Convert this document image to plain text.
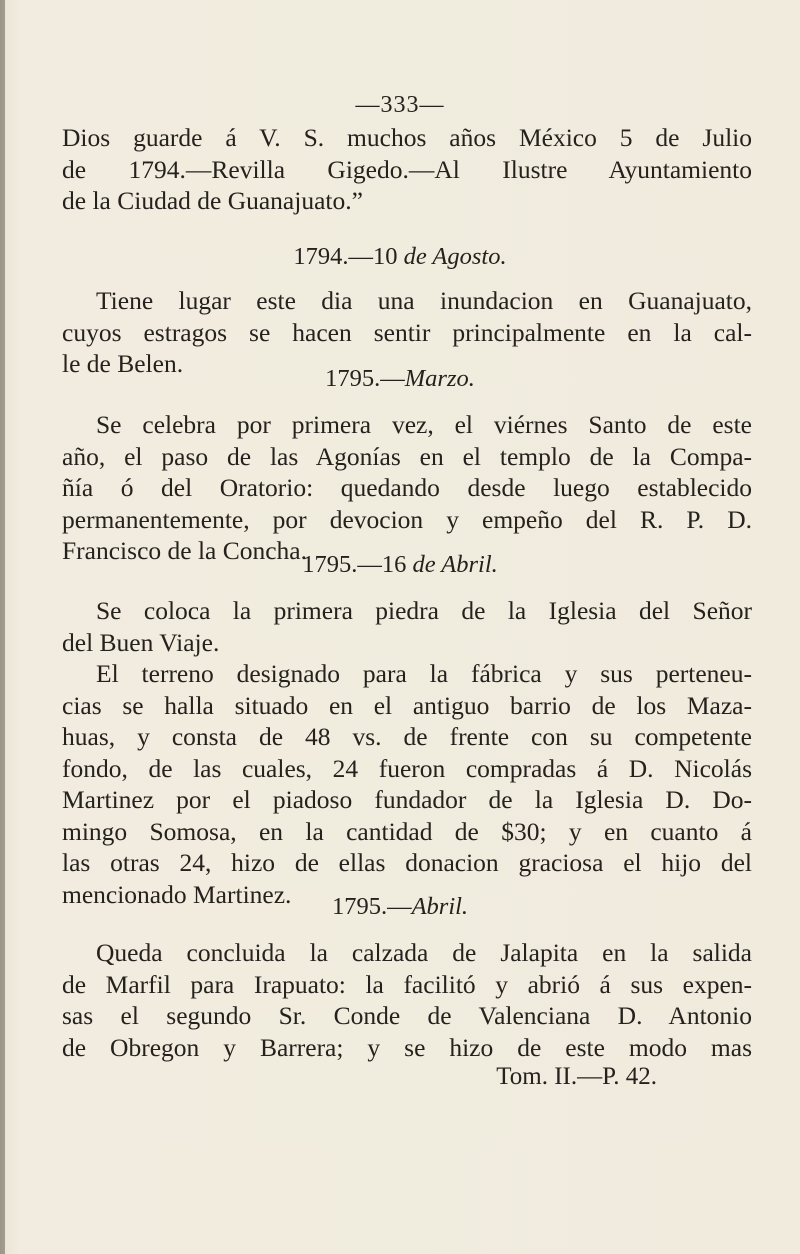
—333—
Dios guarde á V. S. muchos años México 5 de Julio
de 1794.—Revilla Gigedo.—Al Ilustre Ayuntamiento
de la Ciudad de Guanajuato.”
1794.—10 de Agosto.
Tiene lugar este dia una inundacion en Guanajuato,
cuyos estragos se hacen sentir principalmente en la cal-
le de Belen.
1795.—Marzo.
Se celebra por primera vez, el viérnes Santo de este
año, el paso de las Agonías en el templo de la Compa-
ñía ó del Oratorio: quedando desde luego establecido
permanentemente, por devocion y empeño del R. P. D.
Francisco de la Concha.
1795.—16 de Abril.
Se coloca la primera piedra de la Iglesia del Señor
del Buen Viaje.
El terreno designado para la fábrica y sus perteneu-
cias se halla situado en el antiguo barrio de los Maza-
huas, y consta de 48 vs. de frente con su competente
fondo, de las cuales, 24 fueron compradas á D. Nicolás
Martinez por el piadoso fundador de la Iglesia D. Do-
mingo Somosa, en la cantidad de $30; y en cuanto á
las otras 24, hizo de ellas donacion graciosa el hijo del
mencionado Martinez.	1795.—Abril.
Queda concluida la calzada de Jalapita en la salida
de Marfil para Irapuato: la facilitó y abrió á sus expen-
sas el segundo Sr. Conde de Valenciana D. Antonio
de Obregon y Barrera; y se hizo de este modo mas
Tom. II.—P. 42.
